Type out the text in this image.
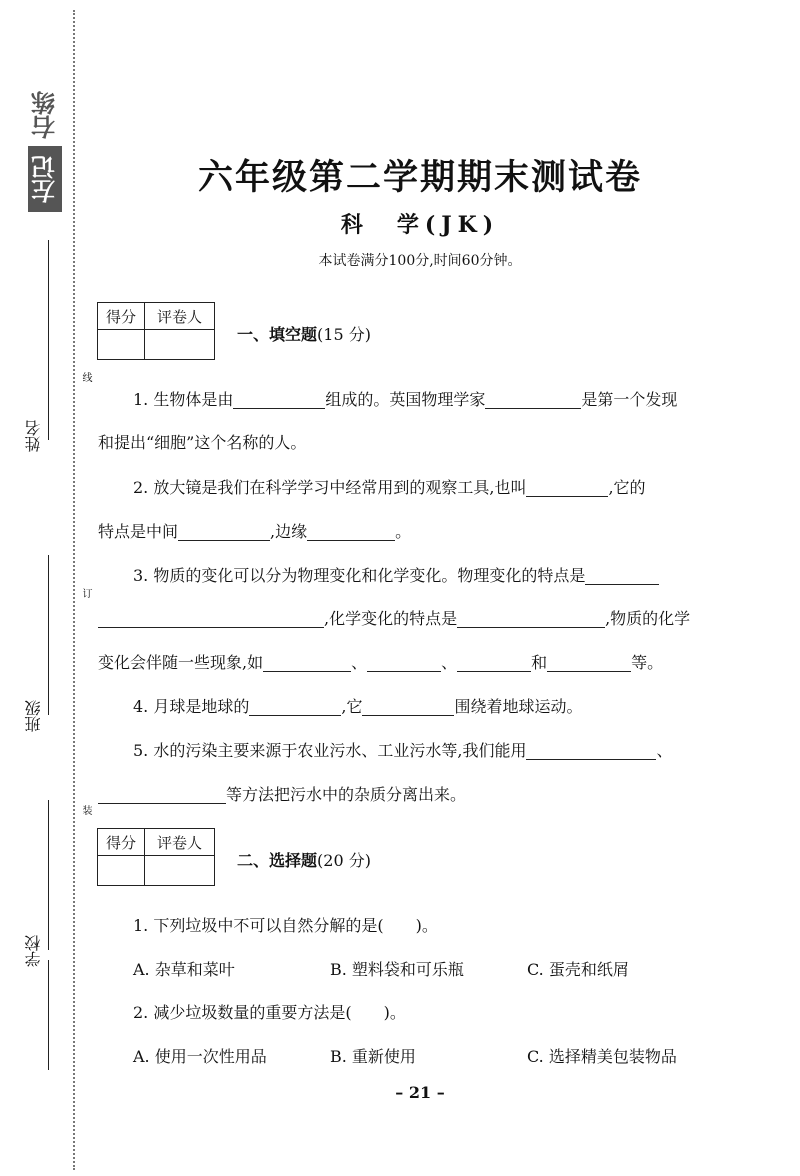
右练
左记
姓名
班级
学校
线
订
装
六年级第二学期期末测试卷
科　学(JK)
本试卷满分100分,时间60分钟。
得分	评卷人

一、填空题(15 分)
1. 生物体是由	组成的。英国物理学家	是第一个发现
和提出“细胞”这个名称的人。
2. 放大镜是我们在科学学习中经常用到的观察工具,也叫	,它的
特点是中间	,边缘	。
3. 物质的变化可以分为物理变化和化学变化。物理变化的特点是
,化学变化的特点是	,物质的化学
变化会伴随一些现象,如	、	、	和	等。
4. 月球是地球的	,它	围绕着地球运动。
5. 水的污染主要来源于农业污水、工业污水等,我们能用	、
等方法把污水中的杂质分离出来。
得分	评卷人

二、选择题(20 分)
1. 下列垃圾中不可以自然分解的是(　　)。
A. 杂草和菜叶	B. 塑料袋和可乐瓶	C. 蛋壳和纸屑
2. 减少垃圾数量的重要方法是(　　)。
A. 使用一次性用品	B. 重新使用	C. 选择精美包装物品
– 21 –
